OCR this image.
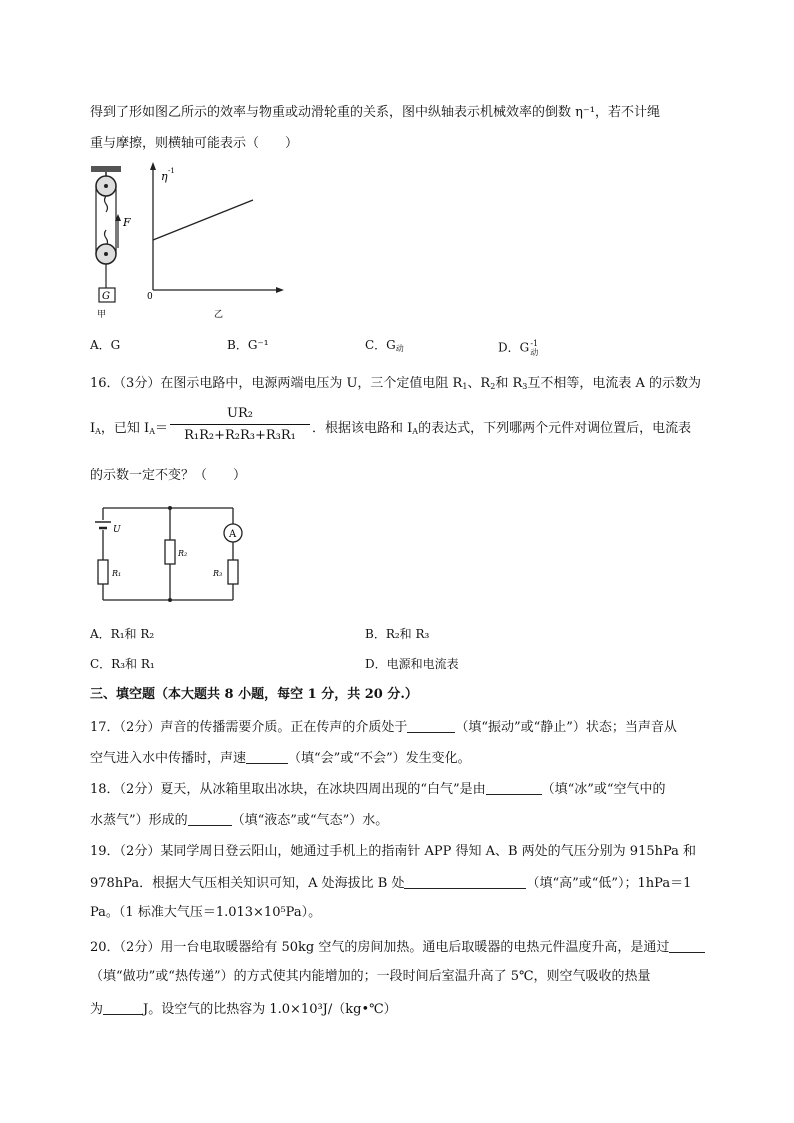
得到了形如图乙所示的效率与物重或动滑轮重的关系，图中纵轴表示机械效率的倒数 η⁻¹，若不计绳
重与摩擦，则横轴可能表示（　　）
F
G
甲
η -1
0
乙
A．G	B．G⁻¹	C．$G_动$	D．G -1
动
16．（3分）在图示电路中，电源两端电压为 U，三个定值电阻 $R_1$、$R_2$和 $R_3$互不相等，电流表 A 的示数为
$I_A$，已知 $I_A=$
UR₂
R₁R₂+R₂R₃+R₃R₁	．根据该电路和 $I_A$的表达式，下列哪两个元件对调位置后，电流表
的示数一定不变？（　　）
U
R₁
R₂
A
R₃
A．R₁和 R₂	B．R₂和 R₃
C．R₃和 R₁	D．电源和电流表
三、填空题（本大题共 8 小题，每空 1 分，共 20 分.）
17．（2分）声音的传播需要介质。正在传声的介质处于	（填“振动”或“静止”）状态；当声音从
空气进入水中传播时，声速	（填“会”或“不会”）发生变化。
18．（2分）夏天，从冰箱里取出冰块，在冰块四周出现的“白气”是由	（填“冰”或“空气中的
水蒸气”）形成的	（填“液态”或“气态”）水。
19．（2分）某同学周日登云阳山，她通过手机上的指南针 APP 得知 A、B 两处的气压分别为 915hPa 和
978hPa．根据大气压相关知识可知，A 处海拔比 B 处	（填“高”或“低”）；1hPa＝1
Pa。（1 标准大气压＝1.013×10⁵Pa）。
20．（2分）用一台电取暖器给有 50kg 空气的房间加热。通电后取暖器的电热元件温度升高，是通过
（填“做功”或“热传递”）的方式使其内能增加的；一段时间后室温升高了 5℃，则空气吸收的热量
为	J。设空气的比热容为 1.0×10³J/（kg•℃）
